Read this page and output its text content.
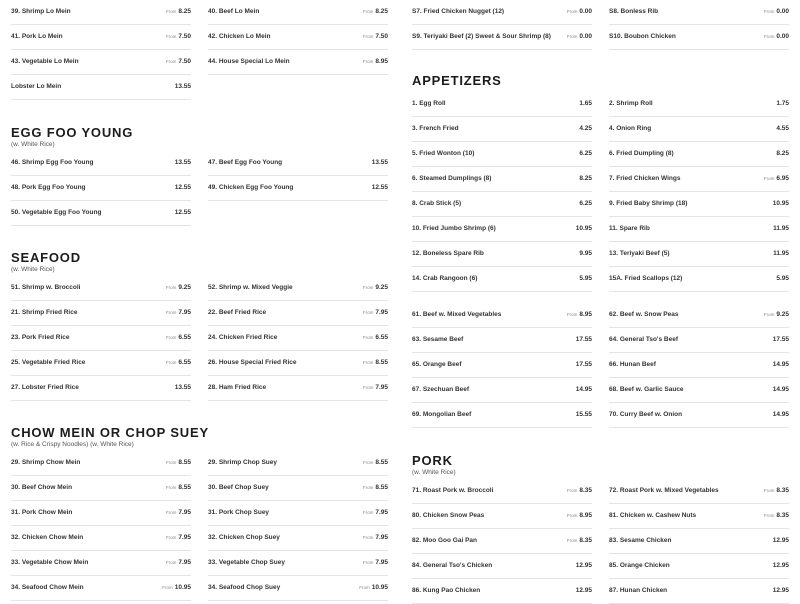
39. Shrimp Lo Mein	From 8.25	40. Beef Lo Mein	From 8.25
41. Pork Lo Mein	From 7.50	42. Chicken Lo Mein	From 7.50
43. Vegetable Lo Mein	From 7.50	44. House Special Lo Mein	From 8.95
Lobster Lo Mein	13.55
EGG FOO YOUNG
(w. White Rice)
46. Shrimp Egg Foo Young	13.55	47. Beef Egg Foo Young	13.55
48. Pork Egg Foo Young	12.55	49. Chicken Egg Foo Young	12.55
50. Vegetable Egg Foo Young	12.55
SEAFOOD
(w. White Rice)
51. Shrimp w. Broccoli	From 9.25	52. Shrimp w. Mixed Veggie	From 9.25
21. Shrimp Fried Rice	From 7.95	22. Beef Fried Rice	From 7.95
23. Pork Fried Rice	From 6.55	24. Chicken Fried Rice	From 6.55
25. Vegetable Fried Rice	From 6.55	26. House Special Fried Rice	From 8.55
27. Lobster Fried Rice	13.55	28. Ham Fried Rice	From 7.95
CHOW MEIN OR CHOP SUEY
(w. Rice & Crispy Noodles) (w. White Rice)
29. Shrimp Chow Mein	From 8.55	29. Shrimp Chop Suey	From 8.55
30. Beef Chow Mein	From 8.55	30. Beef Chop Suey	From 8.55
31. Pork Chow Mein	From 7.95	31. Pork Chop Suey	From 7.95
32. Chicken Chow Mein	From 7.95	32. Chicken Chop Suey	From 7.95
33. Vegetable Chow Mein	From 7.95	33. Vegetable Chop Suey	From 7.95
34. Seafood Chow Mein	From 10.95	34. Seafood Chop Suey	From 10.95
S7. Fried Chicken Nugget (12)	From 0.00	S8. Bonless Rib	From 0.00
S9. Teriyaki Beef (2) Sweet & Sour Shrimp (8)	From 0.00	S10. Boubon Chicken	From 0.00
APPETIZERS
1. Egg Roll	1.65	2. Shrimp Roll	1.75
3. French Fried	4.25	4. Onion Ring	4.55
5. Fried Wonton (10)	6.25	6. Fried Dumpling (8)	8.25
6. Steamed Dumplings (8)	8.25	7. Fried Chicken Wings	From 6.95
8. Crab Stick (5)	6.25	9. Fried Baby Shrimp (18)	10.95
10. Fried Jumbo Shrimp (6)	10.95	11. Spare Rib	11.95
12. Boneless Spare Rib	9.95	13. Teriyaki Beef (5)	11.95
14. Crab Rangoon (6)	5.95	15A. Fried Scallops (12)	5.95
61. Beef w. Mixed Vegetables	From 8.95	62. Beef w. Snow Peas	From 9.25
63. Sesame Beef	17.55	64. General Tso's Beef	17.55
65. Orange Beef	17.55	66. Hunan Beef	14.95
67. Szechuan Beef	14.95	68. Beef w. Garlic Sauce	14.95
69. Mongolian Beef	15.55	70. Curry Beef w. Onion	14.95
PORK
(w. White Rice)
71. Roast Pork w. Broccoli	From 8.35	72. Roast Pork w. Mixed Vegetables	From 8.35
80. Chicken Snow Peas	From 8.95	81. Chicken w. Cashew Nuts	From 8.35
82. Moo Goo Gai Pan	From 8.35	83. Sesame Chicken	12.95
84. General Tso's Chicken	12.95	85. Orange Chicken	12.95
86. Kung Pao Chicken	12.95	87. Hunan Chicken	12.95
